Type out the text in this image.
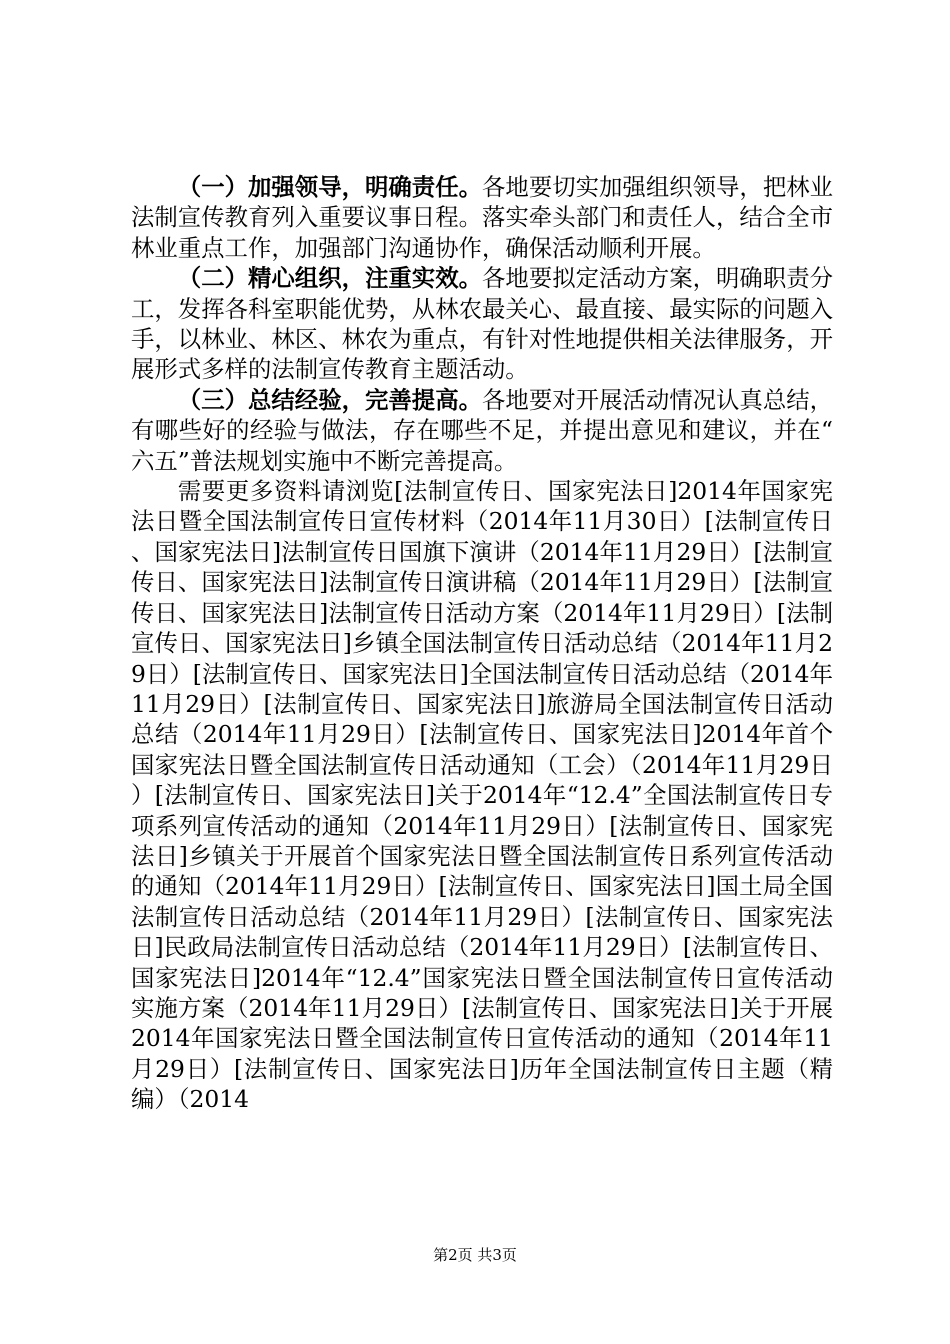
（一）加强领导，明确责任。各地要切实加强组织领导，把林业法制宣传教育列入重要议事日程。落实牵头部门和责任人，结合全市林业重点工作，加强部门沟通协作，确保活动顺利开展。

（二）精心组织，注重实效。各地要拟定活动方案，明确职责分工，发挥各科室职能优势，从林农最关心、最直接、最实际的问题入手，以林业、林区、林农为重点，有针对性地提供相关法律服务，开展形式多样的法制宣传教育主题活动。

（三）总结经验，完善提高。各地要对开展活动情况认真总结，有哪些好的经验与做法，存在哪些不足，并提出意见和建议，并在“六五”普法规划实施中不断完善提高。

需要更多资料请浏览[法制宣传日、国家宪法日]2014年国家宪法日暨全国法制宣传日宣传材料（2014年11月30日）[法制宣传日、国家宪法日]法制宣传日国旗下演讲（2014年11月29日）[法制宣传日、国家宪法日]法制宣传日演讲稿（2014年11月29日）[法制宣传日、国家宪法日]法制宣传日活动方案（2014年11月29日）[法制宣传日、国家宪法日]乡镇全国法制宣传日活动总结（2014年11月29日）[法制宣传日、国家宪法日]全国法制宣传日活动总结（2014年11月29日）[法制宣传日、国家宪法日]旅游局全国法制宣传日活动总结（2014年11月29日）[法制宣传日、国家宪法日]2014年首个国家宪法日暨全国法制宣传日活动通知（工会）（2014年11月29日）[法制宣传日、国家宪法日]关于2014年“12.4”全国法制宣传日专项系列宣传活动的通知（2014年11月29日）[法制宣传日、国家宪法日]乡镇关于开展首个国家宪法日暨全国法制宣传日系列宣传活动的通知（2014年11月29日）[法制宣传日、国家宪法日]国土局全国法制宣传日活动总结（2014年11月29日）[法制宣传日、国家宪法日]民政局法制宣传日活动总结（2014年11月29日）[法制宣传日、国家宪法日]2014年“12.4”国家宪法日暨全国法制宣传日宣传活动实施方案（2014年11月29日）[法制宣传日、国家宪法日]关于开展2014年国家宪法日暨全国法制宣传日宣传活动的通知（2014年11月29日）[法制宣传日、国家宪法日]历年全国法制宣传日主题（精编）（2014

第2页 共3页
